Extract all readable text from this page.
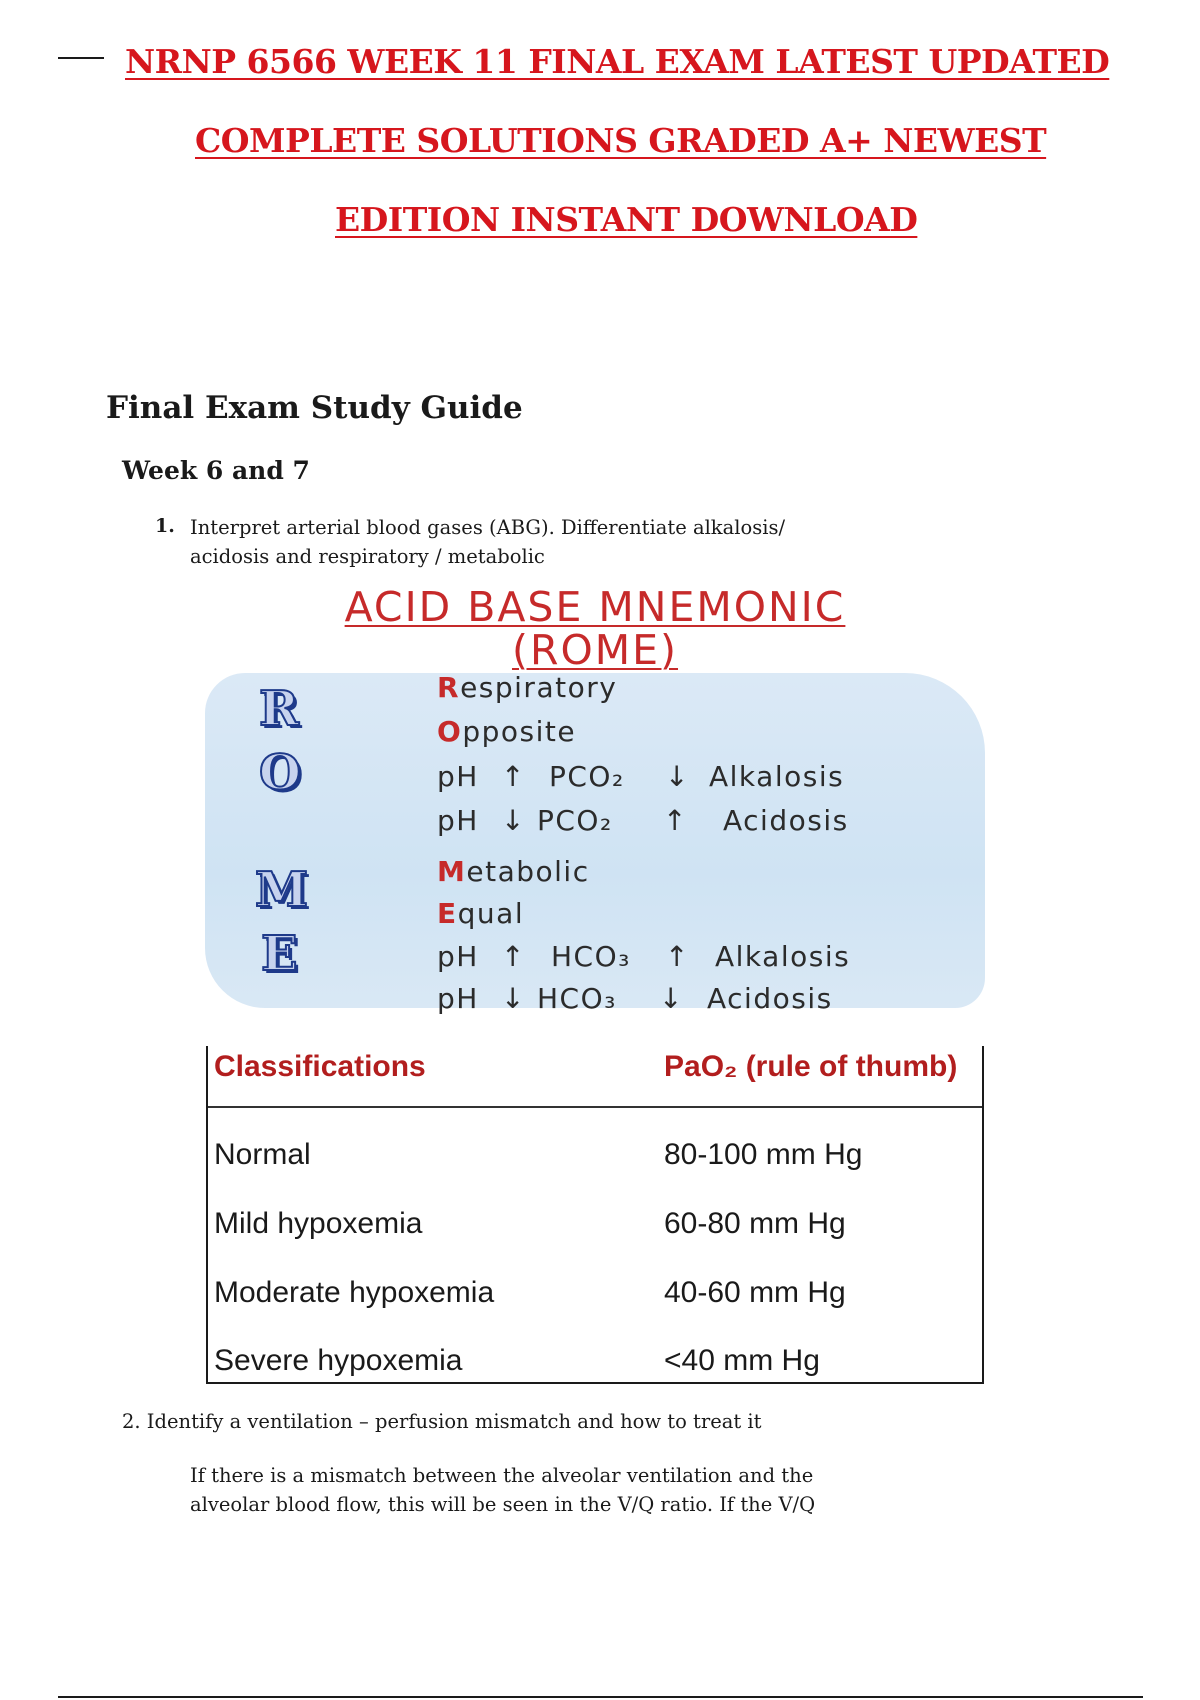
NRNP 6566 WEEK 11 FINAL EXAM LATEST UPDATED
COMPLETE SOLUTIONS GRADED A+ NEWEST
EDITION INSTANT DOWNLOAD
Final Exam Study Guide
Week 6 and 7
1. Interpret arterial blood gases (ABG). Differentiate alkalosis/ acidosis and respiratory / metabolic
ACID BASE MNEMONIC
(ROME)
R
O
M
E
Respiratory
Opposite
pH ↑ PCO₂ ↓ Alkalosis
pH ↓ PCO₂ ↑ Acidosis
Metabolic
Equal
pH ↑ HCO₃ ↑ Alkalosis
pH ↓ HCO₃ ↓ Acidosis
Classifications	PaO₂ (rule of thumb)
Normal	80-100 mm Hg
Mild hypoxemia	60-80 mm Hg
Moderate hypoxemia	40-60 mm Hg
Severe hypoxemia	<40 mm Hg
2. Identify a ventilation – perfusion mismatch and how to treat it
If there is a mismatch between the alveolar ventilation and the alveolar blood flow, this will be seen in the V/Q ratio. If the V/Q
